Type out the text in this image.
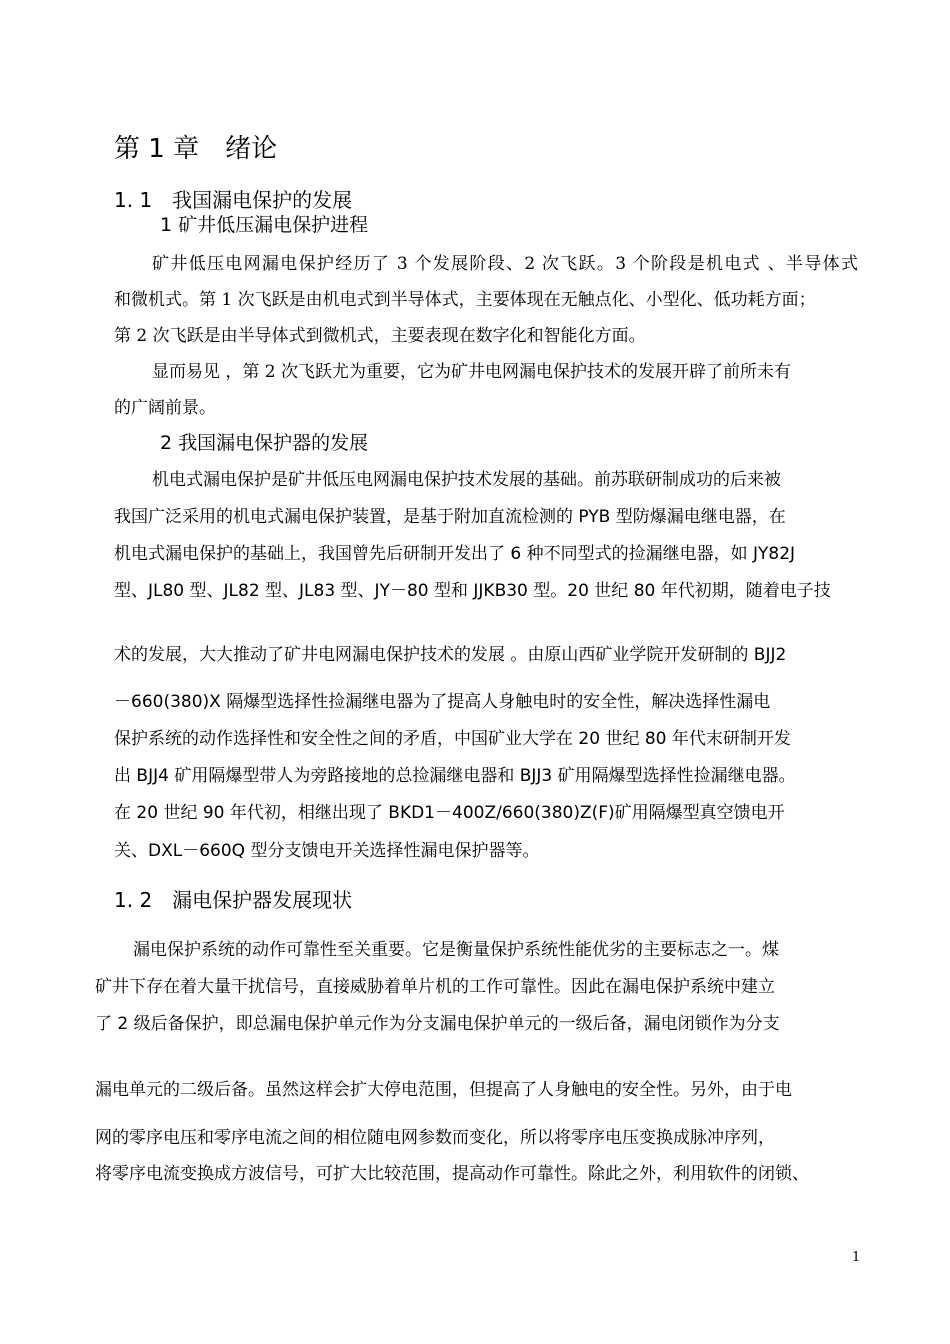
第 1 章　绪论
1. 1　我国漏电保护的发展
1 矿井低压漏电保护进程
矿井低压电网漏电保护经历了 3 个发展阶段、2 次飞跃。3 个阶段是机电式 、半导体式
和微机式。第 1 次飞跃是由机电式到半导体式，主要体现在无触点化、小型化、低功耗方面；
第 2 次飞跃是由半导体式到微机式，主要表现在数字化和智能化方面。
显而易见 ，第 2 次飞跃尤为重要，它为矿井电网漏电保护技术的发展开辟了前所未有
的广阔前景。
2 我国漏电保护器的发展
机电式漏电保护是矿井低压电网漏电保护技术发展的基础。前苏联研制成功的后来被
我国广泛采用的机电式漏电保护装置，是基于附加直流检测的 PYB 型防爆漏电继电器，在
机电式漏电保护的基础上，我国曾先后研制开发出了 6 种不同型式的捡漏继电器，如 JY82J
型、JL80 型、JL82 型、JL83 型、JY－80 型和 JJKB30 型。20 世纪 80 年代初期，随着电子技
术的发展，大大推动了矿井电网漏电保护技术的发展 。由原山西矿业学院开发研制的 BJJ2
－660(380)X 隔爆型选择性捡漏继电器为了提高人身触电时的安全性，解决选择性漏电
保护系统的动作选择性和安全性之间的矛盾，中国矿业大学在 20 世纪 80 年代末研制开发
出 BJJ4 矿用隔爆型带人为旁路接地的总捡漏继电器和 BJJ3 矿用隔爆型选择性捡漏继电器。
在 20 世纪 90 年代初，相继出现了 BKD1－400Z/660(380)Z(F)矿用隔爆型真空馈电开
关、DXL－660Q 型分支馈电开关选择性漏电保护器等。
1. 2　漏电保护器发展现状
漏电保护系统的动作可靠性至关重要。它是衡量保护系统性能优劣的主要标志之一。煤
矿井下存在着大量干扰信号，直接威胁着单片机的工作可靠性。因此在漏电保护系统中建立
了 2 级后备保护，即总漏电保护单元作为分支漏电保护单元的一级后备，漏电闭锁作为分支
漏电单元的二级后备。虽然这样会扩大停电范围，但提高了人身触电的安全性。另外，由于电
网的零序电压和零序电流之间的相位随电网参数而变化，所以将零序电压变换成脉冲序列，
将零序电流变换成方波信号，可扩大比较范围，提高动作可靠性。除此之外，利用软件的闭锁、
1
